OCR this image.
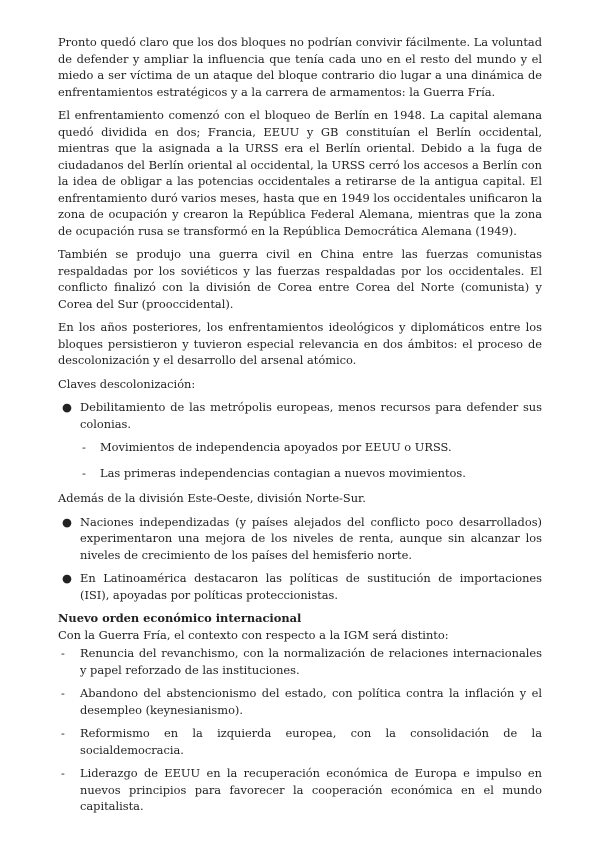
Pronto quedó claro que los dos bloques no podrían convivir fácilmente. La voluntad de defender y ampliar la influencia que tenía cada uno en el resto del mundo y el miedo a ser víctima de un ataque del bloque contrario dio lugar a una dinámica de enfrentamientos estratégicos y a la carrera de armamentos: la Guerra Fría.

El enfrentamiento comenzó con el bloqueo de Berlín en 1948. La capital alemana quedó dividida en dos; Francia, EEUU y GB constituían el Berlín occidental, mientras que la asignada a la URSS era el Berlín oriental. Debido a la fuga de ciudadanos del Berlín oriental al occidental, la URSS cerró los accesos a Berlín con la idea de obligar a las potencias occidentales a retirarse de la antigua capital. El enfrentamiento duró varios meses, hasta que en 1949 los occidentales unificaron la zona de ocupación y crearon la República Federal Alemana, mientras que la zona de ocupación rusa se transformó en la República Democrática Alemana (1949).

También se produjo una guerra civil en China entre las fuerzas comunistas respaldadas por los soviéticos y las fuerzas respaldadas por los occidentales. El conflicto finalizó con la división de Corea entre Corea del Norte (comunista) y Corea del Sur (prooccidental).

En los años posteriores, los enfrentamientos ideológicos y diplomáticos entre los bloques persistieron y tuvieron especial relevancia en dos ámbitos: el proceso de descolonización y el desarrollo del arsenal atómico.

Claves descolonización:

● Debilitamiento de las metrópolis europeas, menos recursos para defender sus colonias.
- Movimientos de independencia apoyados por EEUU o URSS.
- Las primeras independencias contagian a nuevos movimientos.

Además de la división Este-Oeste, división Norte-Sur.

● Naciones independizadas (y países alejados del conflicto poco desarrollados) experimentaron una mejora de los niveles de renta, aunque sin alcanzar los niveles de crecimiento de los países del hemisferio norte.
● En Latinoamérica destacaron las políticas de sustitución de importaciones (ISI), apoyadas por políticas proteccionistas.
Nuevo orden económico internacional

Con la Guerra Fría, el contexto con respecto a la IGM será distinto:

- Renuncia del revanchismo, con la normalización de relaciones internacionales y papel reforzado de las instituciones.
- Abandono del abstencionismo del estado, con política contra la inflación y el desempleo (keynesianismo).
- Reformismo en la izquierda europea, con la consolidación de la socialdemocracia.
- Liderazgo de EEUU en la recuperación económica de Europa e impulso en nuevos principios para favorecer la cooperación económica en el mundo capitalista.
